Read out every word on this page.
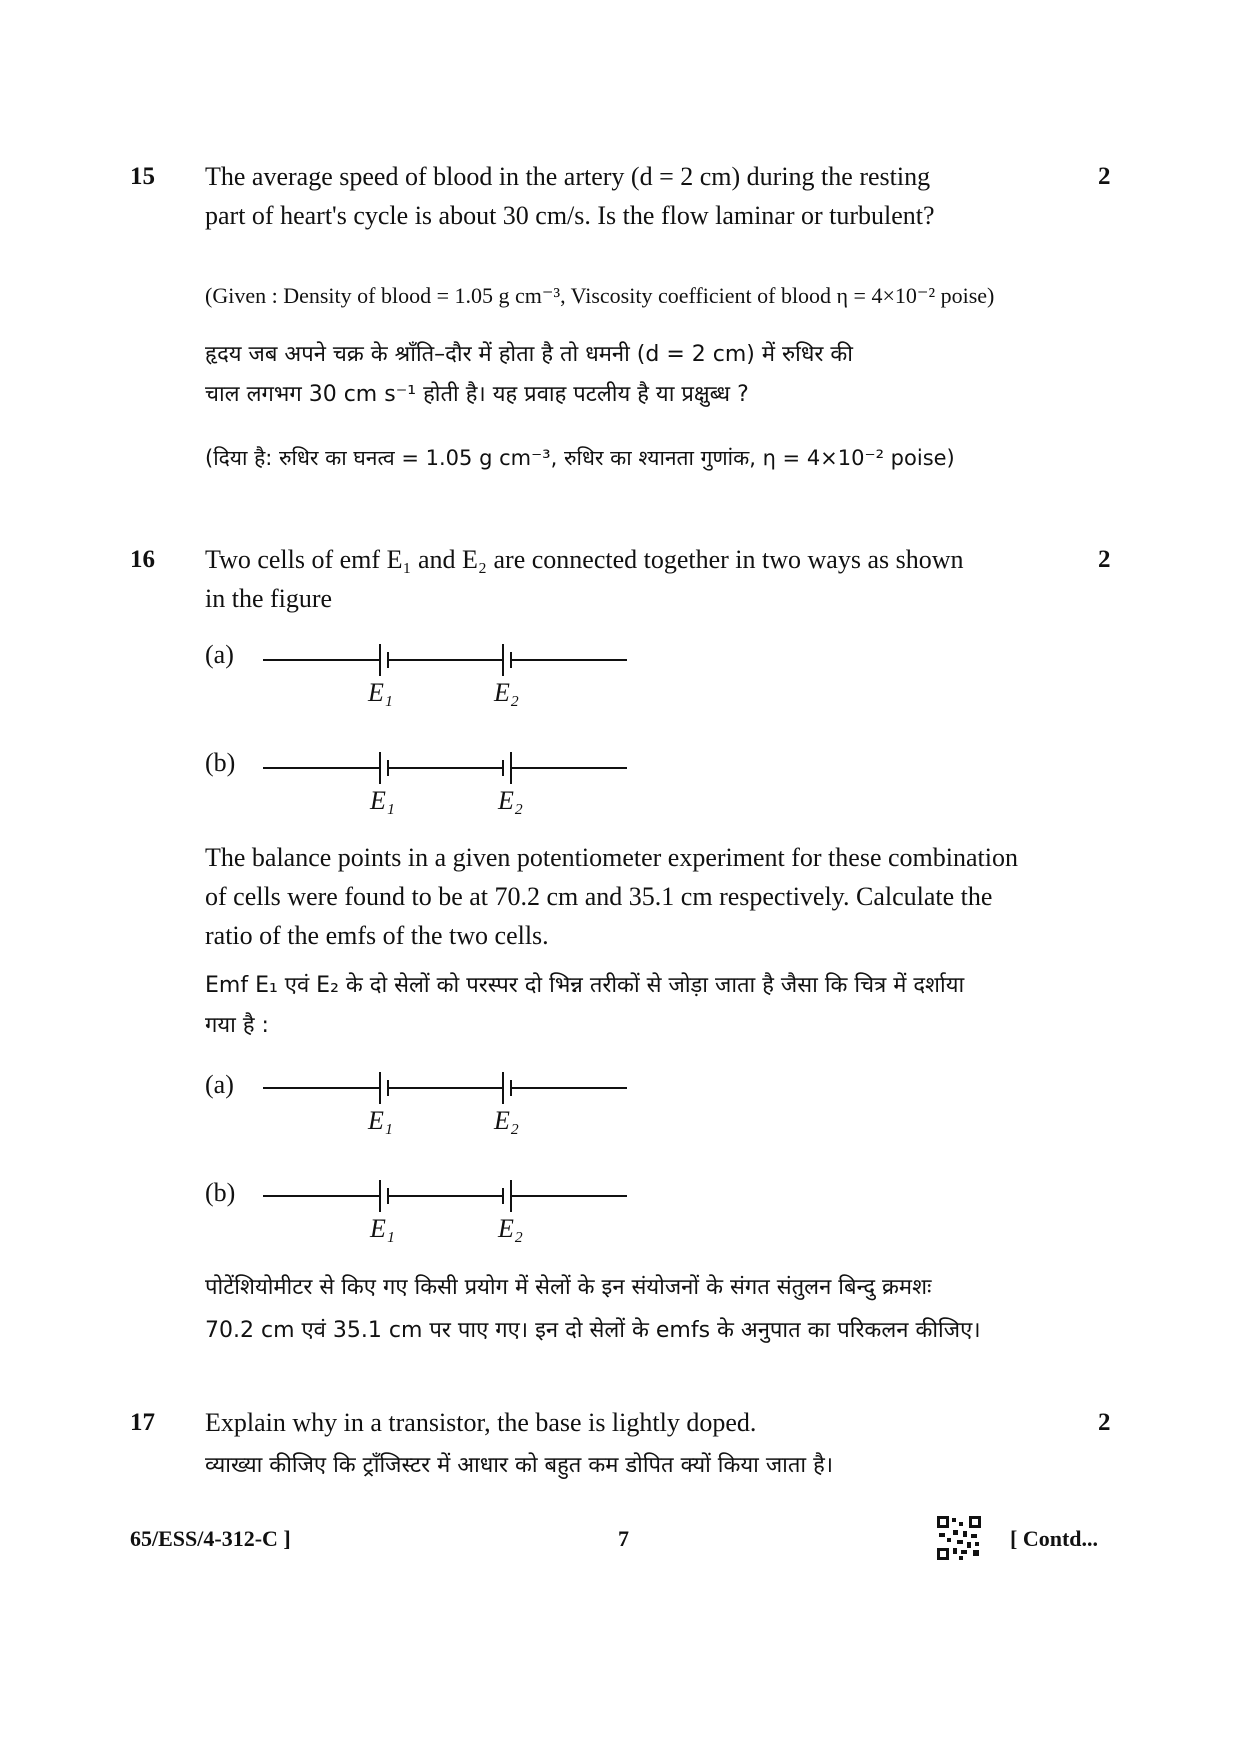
15	2
The average speed of blood in the artery (d = 2 cm) during the resting
part of heart's cycle is about 30 cm/s. Is the flow laminar or turbulent?
(Given : Density of blood = 1.05 g cm⁻³, Viscosity coefficient of blood η = 4×10⁻² poise)
हृदय जब अपने चक्र के श्राँति–दौर में होता है तो धमनी (d = 2 cm) में रुधिर की
चाल लगभग 30 cm s⁻¹ होती है। यह प्रवाह पटलीय है या प्रक्षुब्ध ?
(दिया है: रुधिर का घनत्व = 1.05 g cm⁻³, रुधिर का श्यानता गुणांक, η = 4×10⁻² poise)
16	2
Two cells of emf E₁ and E₂ are connected together in two ways as shown
in the figure
(a)
E₁	E₂
(b)
E₁	E₂
The balance points in a given potentiometer experiment for these combination
of cells were found to be at 70.2 cm and 35.1 cm respectively. Calculate the
ratio of the emfs of the two cells.
Emf E₁ एवं E₂ के दो सेलों को परस्पर दो भिन्न तरीकों से जोड़ा जाता है जैसा कि चित्र में दर्शाया
गया है :
(a)
E₁	E₂
(b)
E₁	E₂
पोटेंशियोमीटर से किए गए किसी प्रयोग में सेलों के इन संयोजनों के संगत संतुलन बिन्दु क्रमशः
70.2 cm एवं 35.1 cm पर पाए गए। इन दो सेलों के emfs के अनुपात का परिकलन कीजिए।
17	2
Explain why in a transistor, the base is lightly doped.
व्याख्या कीजिए कि ट्राँजिस्टर में आधार को बहुत कम डोपित क्यों किया जाता है।
65/ESS/4-312-C ]	7	[ Contd...
